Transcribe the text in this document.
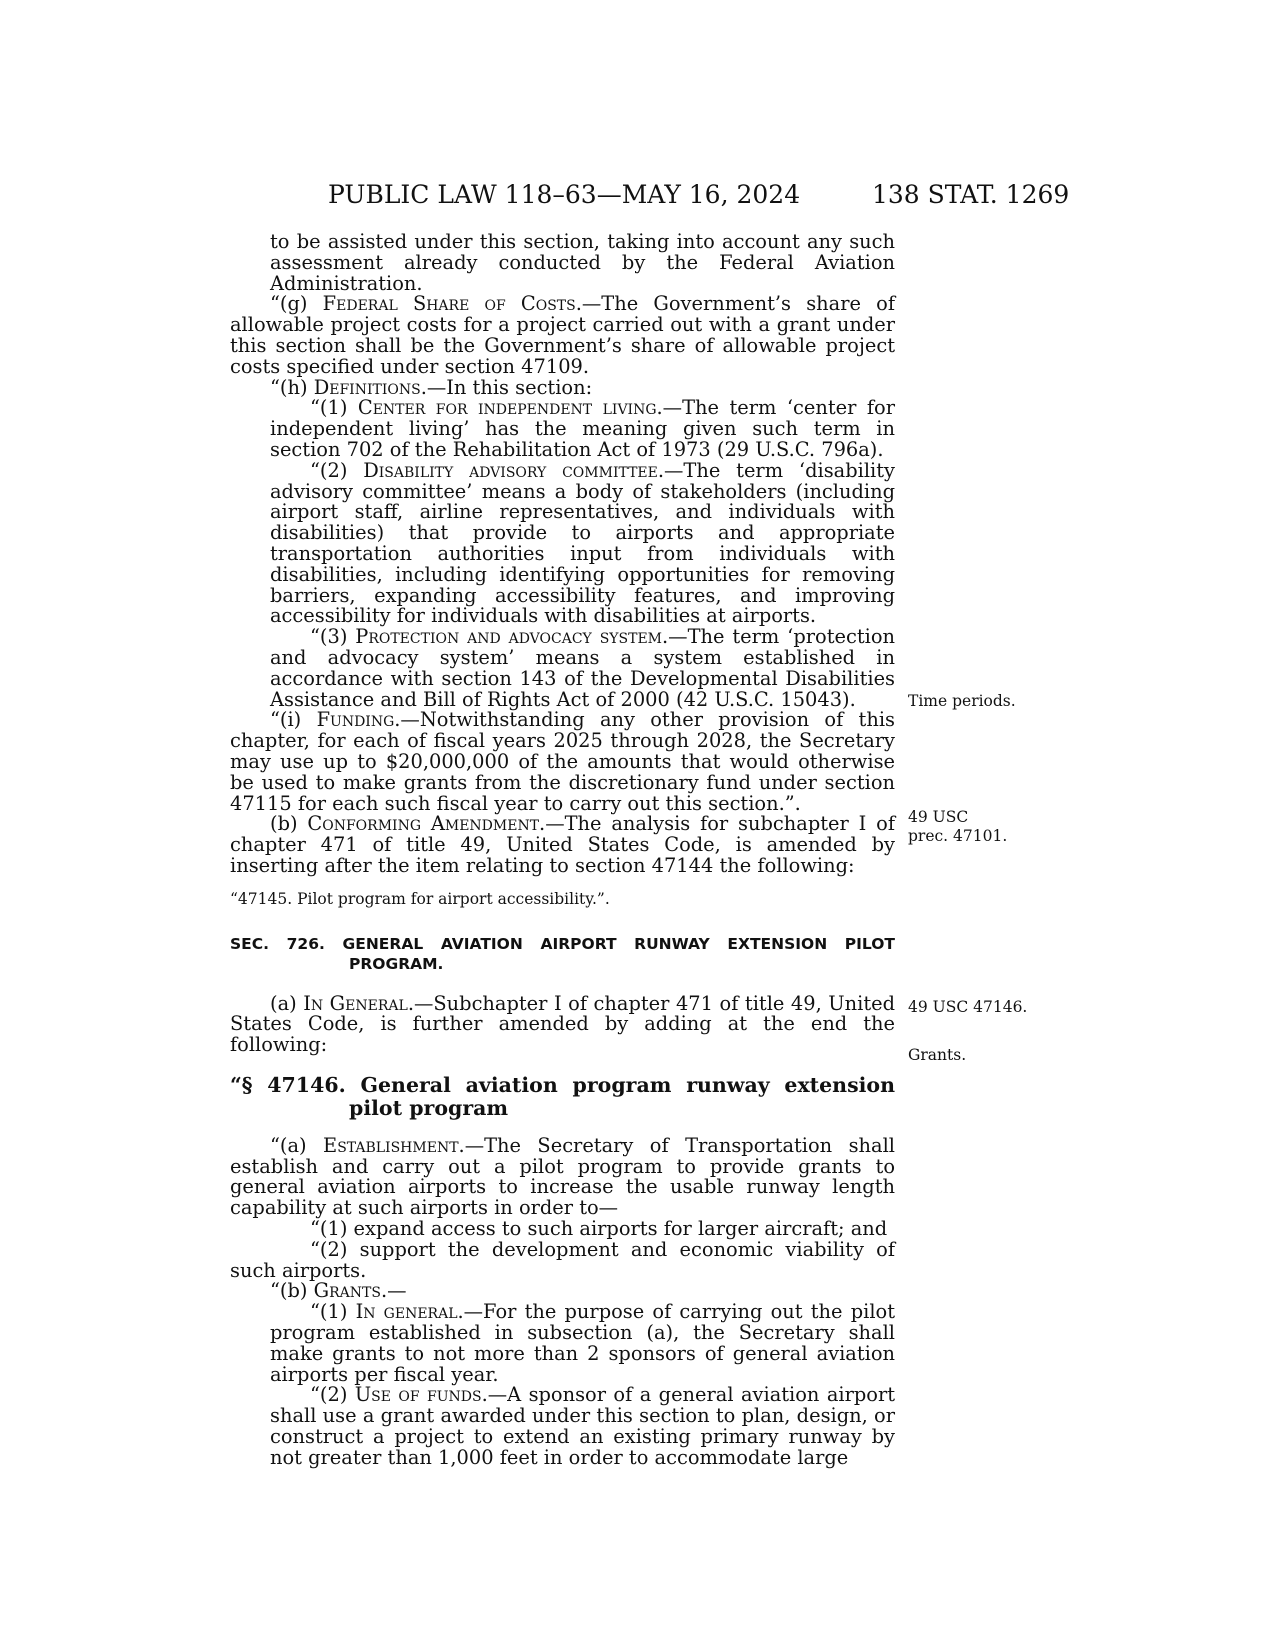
PUBLIC LAW 118–63—MAY 16, 2024	138 STAT. 1269

to be assisted under this section, taking into account any such assessment already conducted by the Federal Aviation Administration.

“(g) Federal Share of Costs.—The Government’s share of allowable project costs for a project carried out with a grant under this section shall be the Government’s share of allowable project costs specified under section 47109.

“(h) Definitions.—In this section:

“(1) Center for independent living.—The term ‘center for independent living’ has the meaning given such term in section 702 of the Rehabilitation Act of 1973 (29 U.S.C. 796a).

“(2) Disability advisory committee.—The term ‘disability advisory committee’ means a body of stakeholders (including airport staff, airline representatives, and individuals with disabilities) that provide to airports and appropriate transportation authorities input from individuals with disabilities, including identifying opportunities for removing barriers, expanding accessibility features, and improving accessibility for individuals with disabilities at airports.

“(3) Protection and advocacy system.—The term ‘protection and advocacy system’ means a system established in accordance with section 143 of the Developmental Disabilities Assistance and Bill of Rights Act of 2000 (42 U.S.C. 15043).

“(i) Funding.—Notwithstanding any other provision of this chapter, for each of fiscal years 2025 through 2028, the Secretary may use up to $20,000,000 of the amounts that would otherwise be used to make grants from the discretionary fund under section 47115 for each such fiscal year to carry out this section.”.

(b) Conforming Amendment.—The analysis for subchapter I of chapter 471 of title 49, United States Code, is amended by inserting after the item relating to section 47144 the following:

“47145. Pilot program for airport accessibility.”.

SEC. 726. GENERAL AVIATION AIRPORT RUNWAY EXTENSION PILOT PROGRAM.

(a) In General.—Subchapter I of chapter 471 of title 49, United States Code, is further amended by adding at the end the following:

“§ 47146. General aviation program runway extension pilot program

“(a) Establishment.—The Secretary of Transportation shall establish and carry out a pilot program to provide grants to general aviation airports to increase the usable runway length capability at such airports in order to—

“(1) expand access to such airports for larger aircraft; and

“(2) support the development and economic viability of such airports.

“(b) Grants.—

“(1) In general.—For the purpose of carrying out the pilot program established in subsection (a), the Secretary shall make grants to not more than 2 sponsors of general aviation airports per fiscal year.

“(2) Use of funds.—A sponsor of a general aviation airport shall use a grant awarded under this section to plan, design, or construct a project to extend an existing primary runway by not greater than 1,000 feet in order to accommodate large

Time periods.
49 USC
prec. 47101.
49 USC 47146.
Grants.
